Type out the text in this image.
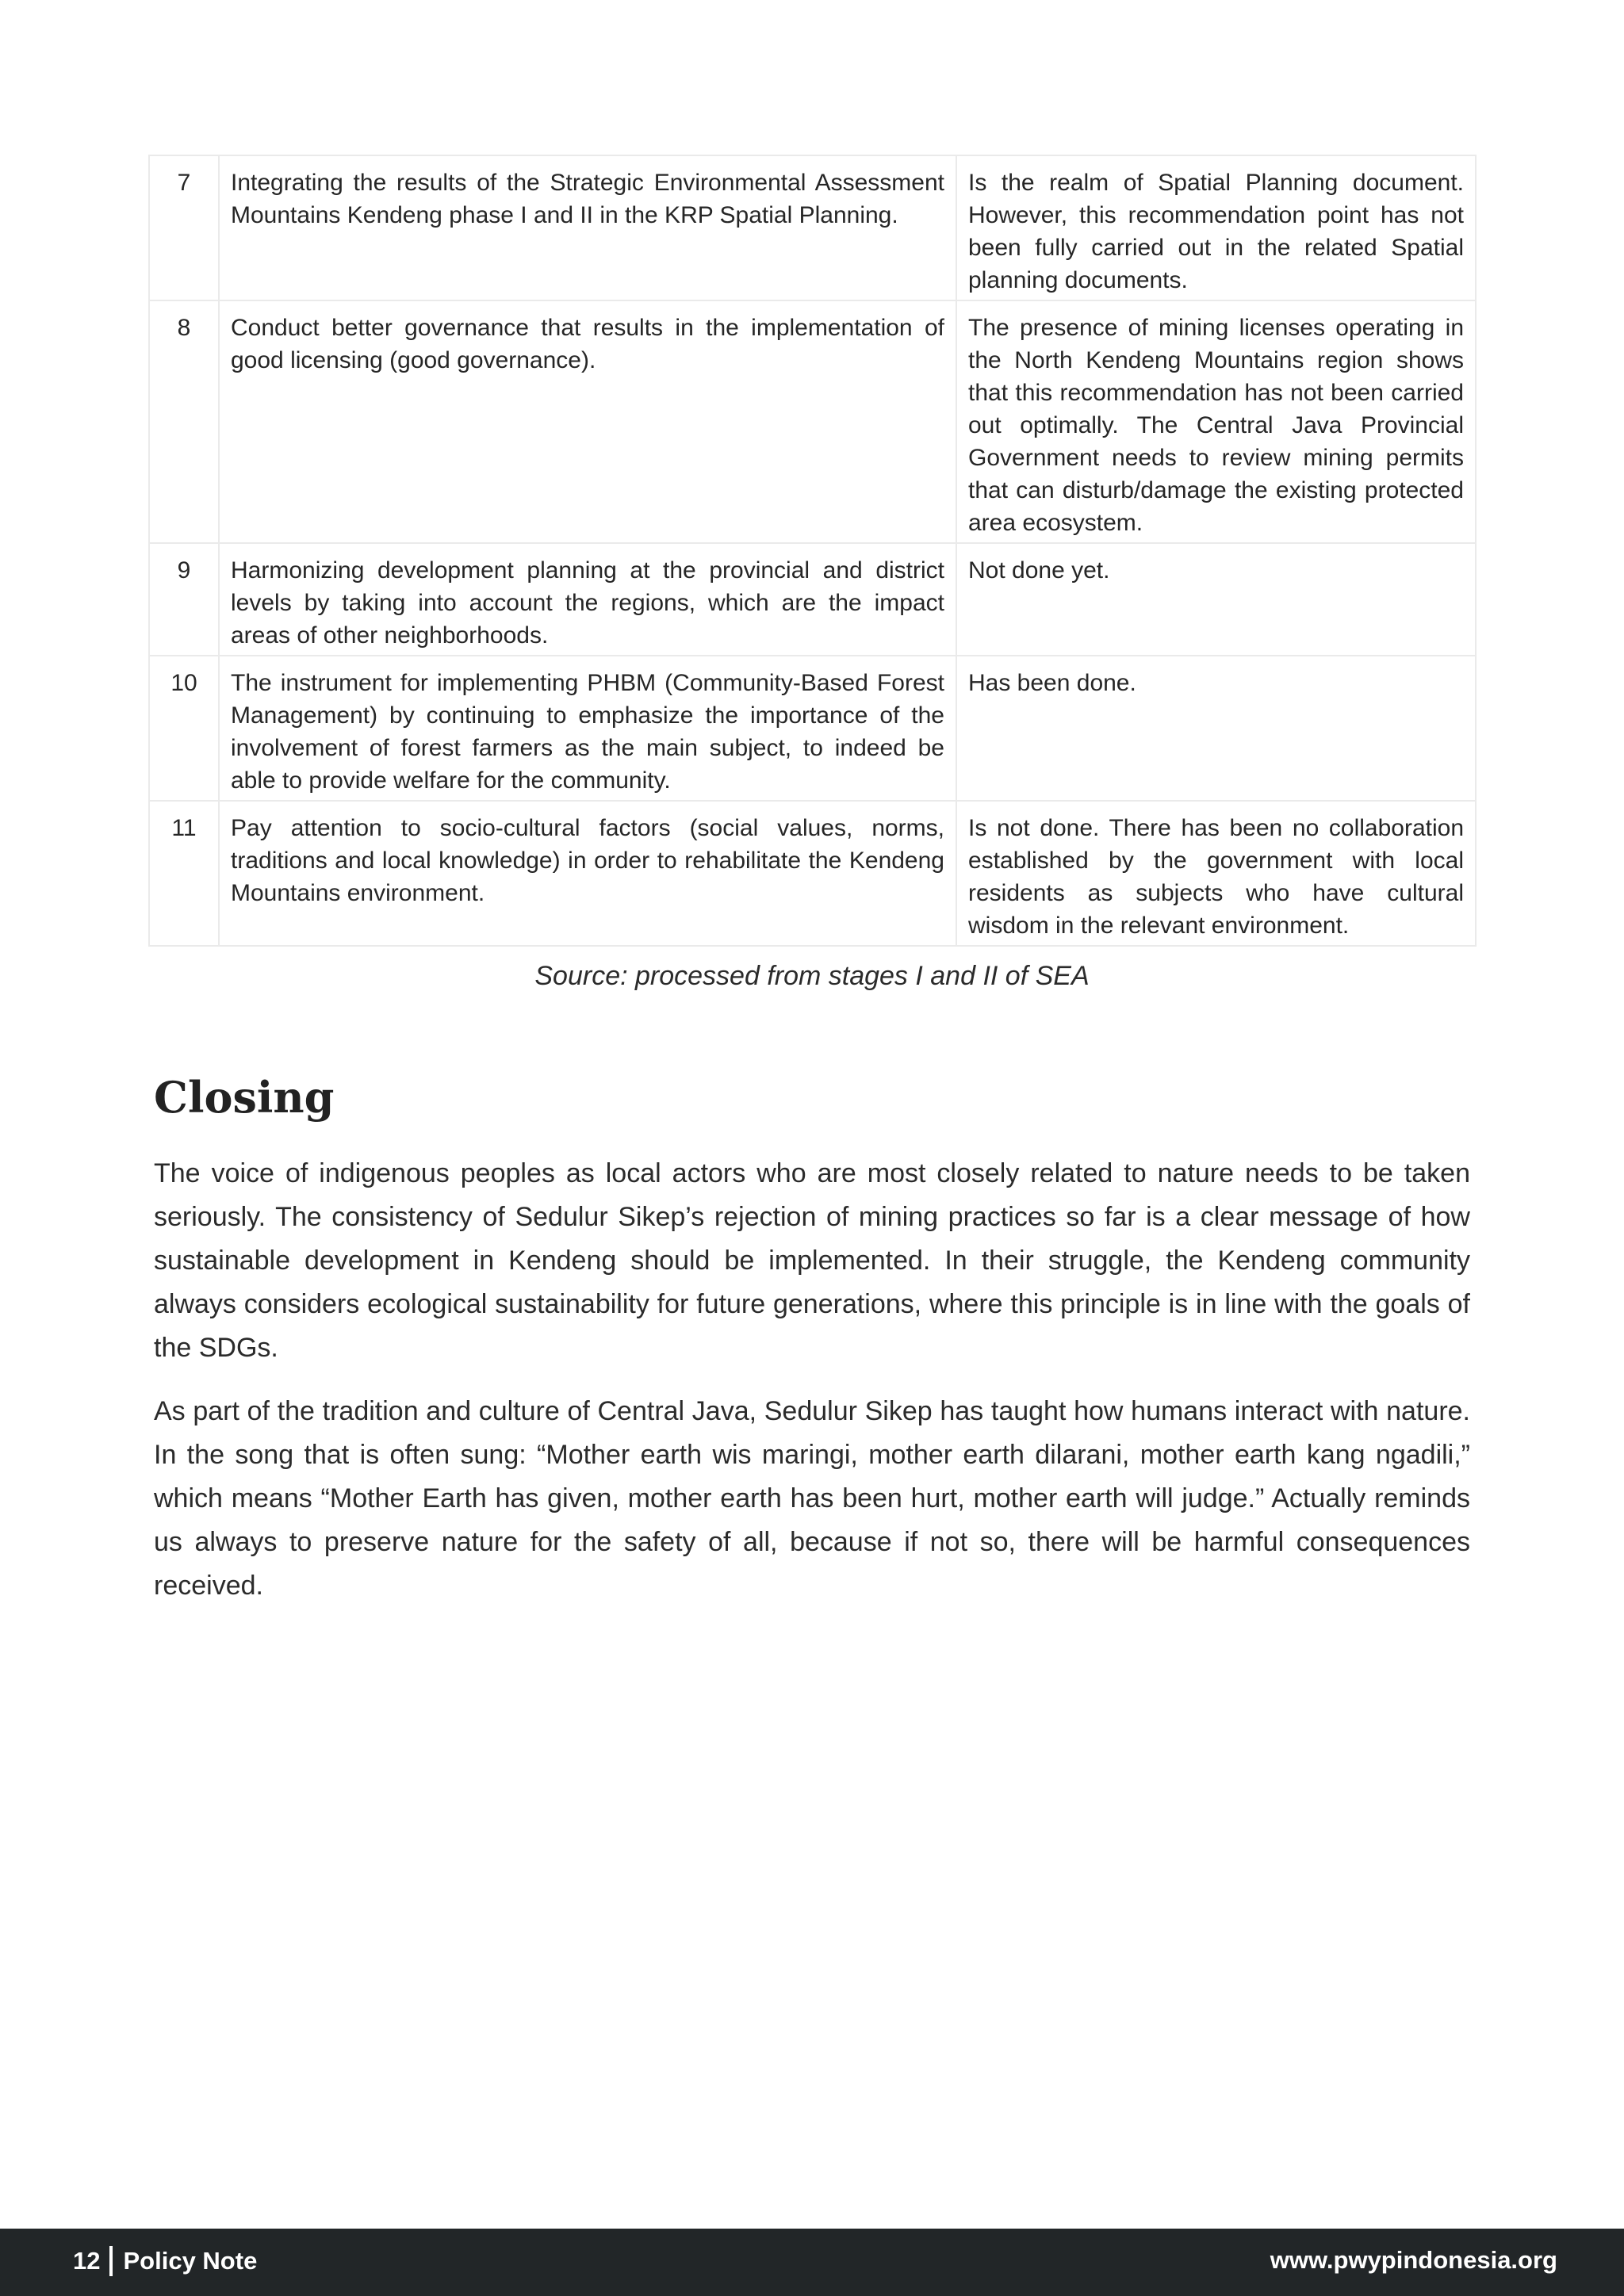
7	Integrating the results of the Strategic Environmental Assessment Mountains Kendeng phase I and II in the KRP Spatial Planning.	Is the realm of Spatial Planning document. However, this recommendation point has not been fully carried out in the related Spatial planning documents.
8	Conduct better governance that results in the implementation of good licensing (good governance).	The presence of mining licenses operating in the North Kendeng Mountains region shows that this recommendation has not been carried out optimally. The Central Java Provincial Government needs to review mining permits that can disturb/damage the existing protected area ecosystem.
9	Harmonizing development planning at the provincial and district levels by taking into account the regions, which are the impact areas of other neighborhoods.	Not done yet.
10	The instrument for implementing PHBM (Community-Based Forest Management) by continuing to emphasize the importance of the involvement of forest farmers as the main subject, to indeed be able to provide welfare for the community.	Has been done.
11	Pay attention to socio-cultural factors (social values, norms, traditions and local knowledge) in order to rehabilitate the Kendeng Mountains environment.	Is not done. There has been no collaboration established by the government with local residents as subjects who have cultural wisdom in the relevant environment.
Source: processed from stages I and II of SEA
Closing

The voice of indigenous peoples as local actors who are most closely related to nature needs to be taken seriously. The consistency of Sedulur Sikep’s rejection of mining practices so far is a clear message of how sustainable development in Kendeng should be implemented. In their struggle, the Kendeng community always considers ecological sustainability for future generations, where this principle is in line with the goals of the SDGs.

As part of the tradition and culture of Central Java, Sedulur Sikep has taught how humans interact with nature. In the song that is often sung: “Mother earth wis maringi, mother earth dilarani, mother earth kang ngadili,” which means “Mother Earth has given, mother earth has been hurt, mother earth will judge.” Actually reminds us always to preserve nature for the safety of all, because if not so, there will be harmful consequences received.

12 Policy Note	www.pwypindonesia.org
